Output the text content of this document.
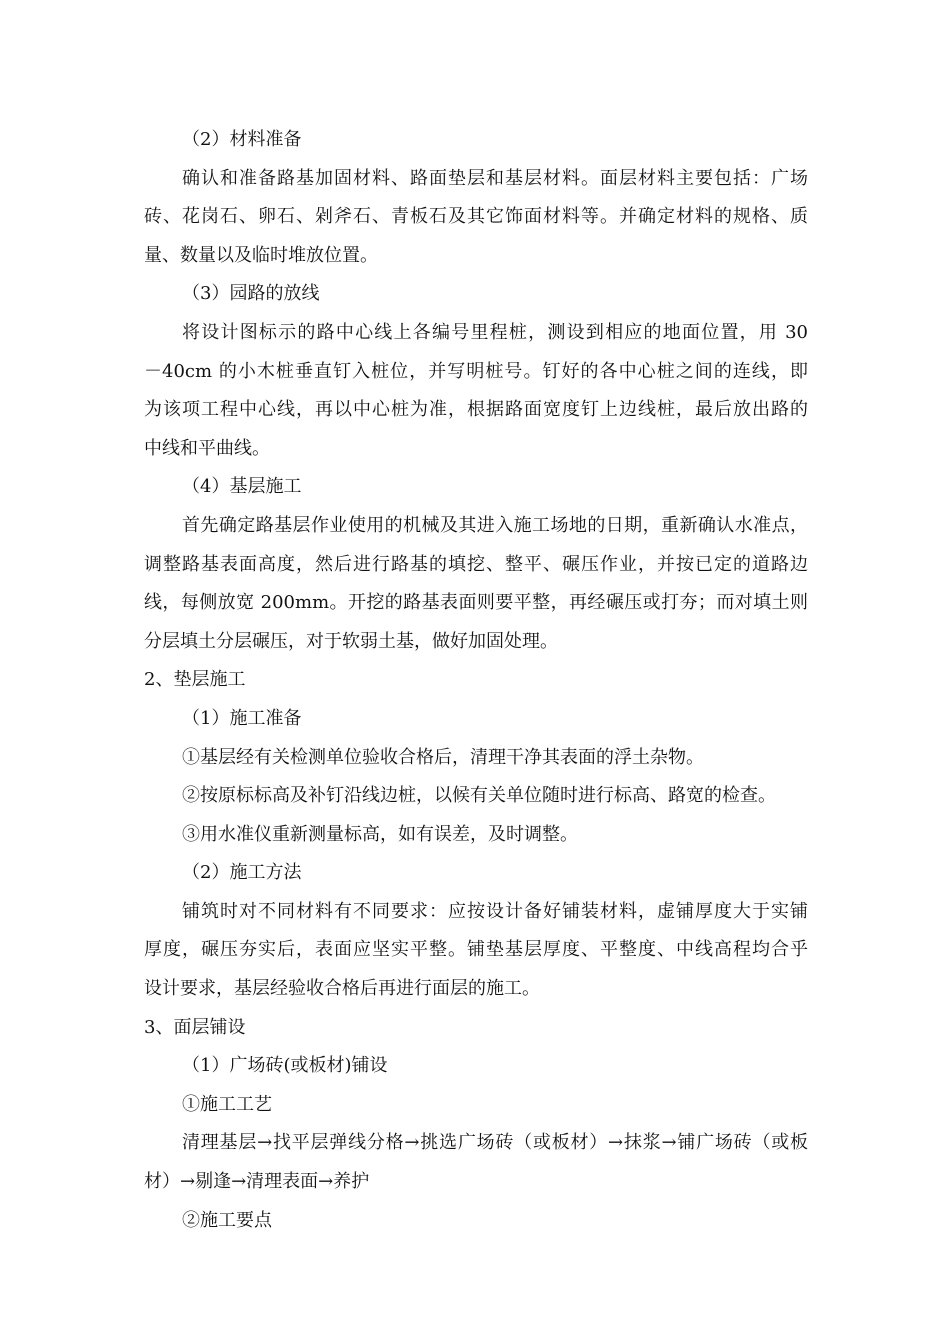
（2）材料准备
确认和准备路基加固材料、路面垫层和基层材料。面层材料主要包括：广场
砖、花岗石、卵石、剁斧石、青板石及其它饰面材料等。并确定材料的规格、质
量、数量以及临时堆放位置。
（3）园路的放线
将设计图标示的路中心线上各编号里程桩，测设到相应的地面位置，用 30
－40cm 的小木桩垂直钉入桩位，并写明桩号。钉好的各中心桩之间的连线，即
为该项工程中心线，再以中心桩为准，根据路面宽度钉上边线桩，最后放出路的
中线和平曲线。
（4）基层施工
首先确定路基层作业使用的机械及其进入施工场地的日期，重新确认水准点，
调整路基表面高度，然后进行路基的填挖、整平、碾压作业，并按已定的道路边
线，每侧放宽 200mm。开挖的路基表面则要平整，再经碾压或打夯；而对填土则
分层填土分层碾压，对于软弱土基，做好加固处理。
2、垫层施工
（1）施工准备
①基层经有关检测单位验收合格后，清理干净其表面的浮土杂物。
②按原标标高及补钉沿线边桩，以候有关单位随时进行标高、路宽的检查。
③用水准仪重新测量标高，如有误差，及时调整。
（2）施工方法
铺筑时对不同材料有不同要求：应按设计备好铺装材料，虚铺厚度大于实铺
厚度，碾压夯实后，表面应坚实平整。铺垫基层厚度、平整度、中线高程均合乎
设计要求，基层经验收合格后再进行面层的施工。
3、面层铺设
（1）广场砖(或板材)铺设
①施工工艺
清理基层→找平层弹线分格→挑选广场砖（或板材）→抹浆→铺广场砖（或板
材）→剔逢→清理表面→养护
②施工要点
